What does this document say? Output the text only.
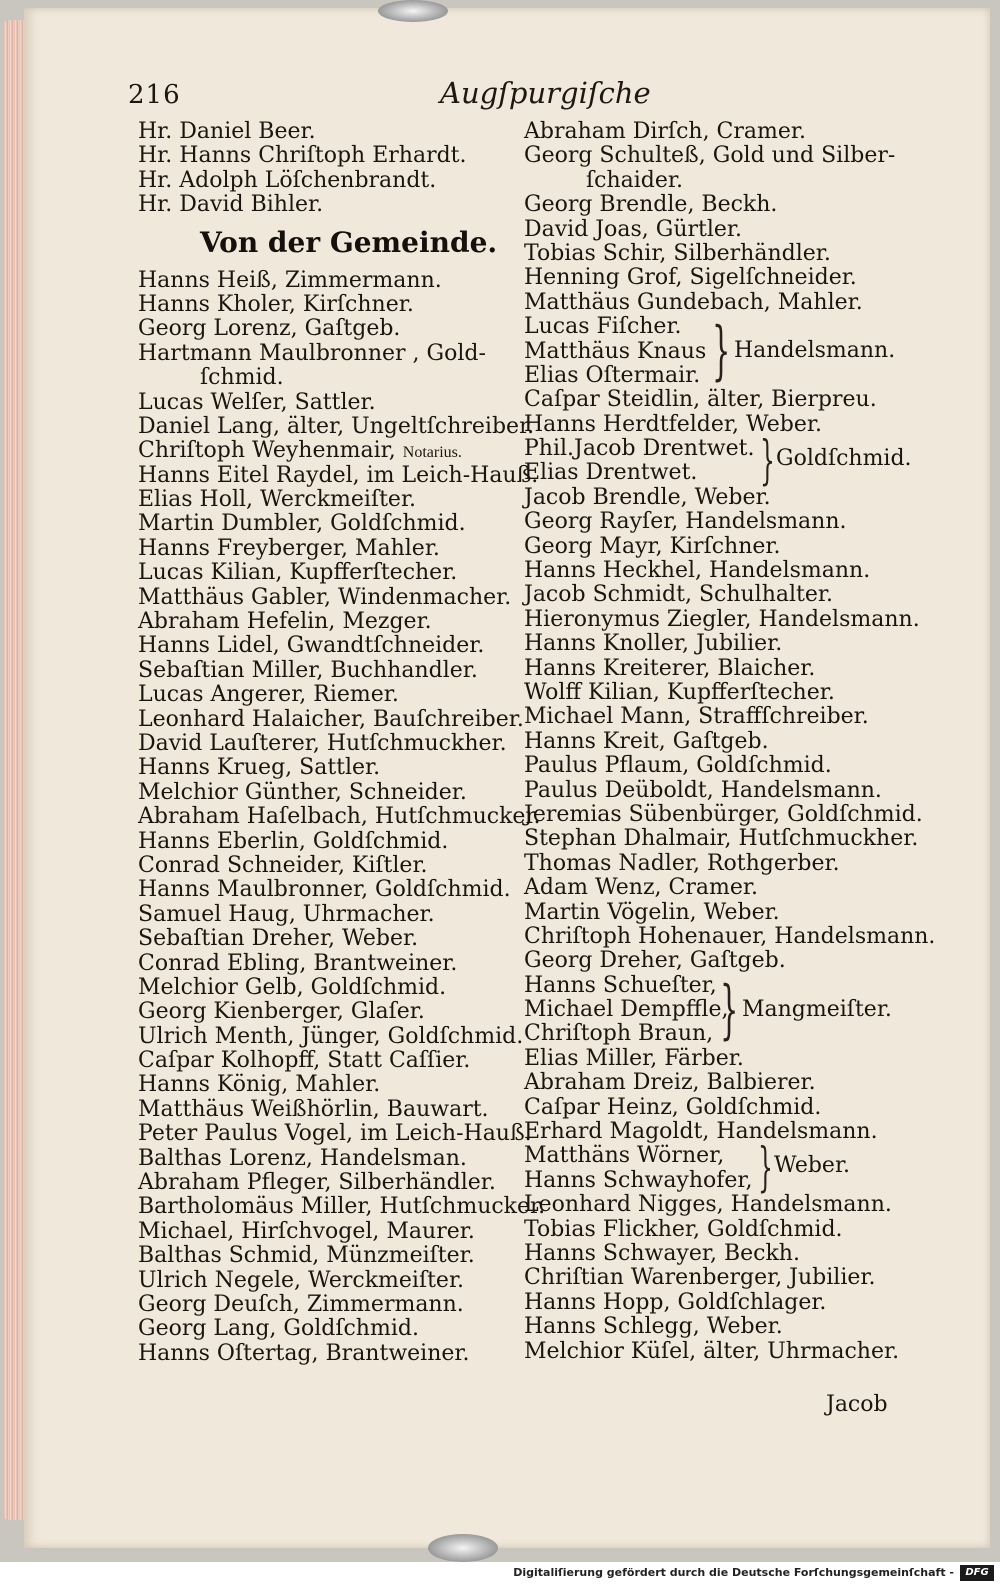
216	Augſpurgiſche
Hr. Daniel Beer.
Hr. Hanns Chriſtoph Erhardt.
Hr. Adolph Löſchenbrandt.
Hr. David Bihler.
Von der Gemeinde.
Hanns Heiß, Zimmermann.
Hanns Kholer, Kirſchner.
Georg Lorenz, Gaſtgeb.
Hartmann Maulbronner , Gold-
ſchmid.
Lucas Welſer, Sattler.
Daniel Lang, älter, Ungeltſchreiber.
Chriſtoph Weyhenmair, Notarius.
Hanns Eitel Raydel, im Leich-Hauß.
Elias Holl, Werckmeiſter.
Martin Dumbler, Goldſchmid.
Hanns Freyberger, Mahler.
Lucas Kilian, Kupfferſtecher.
Matthäus Gabler, Windenmacher.
Abraham Hefelin, Mezger.
Hanns Lidel, Gwandtſchneider.
Sebaſtian Miller, Buchhandler.
Lucas Angerer, Riemer.
Leonhard Halaicher, Bauſchreiber.
David Lauſterer, Hutſchmuckher.
Hanns Krueg, Sattler.
Melchior Günther, Schneider.
Abraham Haſelbach, Hutſchmucker.
Hanns Eberlin, Goldſchmid.
Conrad Schneider, Kiſtler.
Hanns Maulbronner, Goldſchmid.
Samuel Haug, Uhrmacher.
Sebaſtian Dreher, Weber.
Conrad Ebling, Brantweiner.
Melchior Gelb, Goldſchmid.
Georg Kienberger, Glaſer.
Ulrich Menth, Jünger, Goldſchmid.
Caſpar Kolhopff, Statt Caſſier.
Hanns König, Mahler.
Matthäus Weißhörlin, Bauwart.
Peter Paulus Vogel, im Leich-Hauß.
Balthas Lorenz, Handelsman.
Abraham Pfleger, Silberhändler.
Bartholomäus Miller, Hutſchmucker.
Michael, Hirſchvogel, Maurer.
Balthas Schmid, Münzmeiſter.
Ulrich Negele, Werckmeiſter.
Georg Deuſch, Zimmermann.
Georg Lang, Goldſchmid.
Hanns Oſtertag, Brantweiner.
Abraham Dirſch, Cramer.
Georg Schulteß, Gold und Silber-
ſchaider.
Georg Brendle, Beckh.
David Joas, Gürtler.
Tobias Schir, Silberhändler.
Henning Grof, Sigelſchneider.
Matthäus Gundebach, Mahler.
Lucas Fiſcher.
Matthäus Knaus
Elias Oſtermair. } Handelsmann.
Caſpar Steidlin, älter, Bierpreu.
Hanns Herdtfelder, Weber.
Phil.Jacob Drentwet.
Elias Drentwet.	} Goldſchmid.
Jacob Brendle, Weber.
Georg Rayſer, Handelsmann.
Georg Mayr, Kirſchner.
Hanns Heckhel, Handelsmann.
Jacob Schmidt, Schulhalter.
Hieronymus Ziegler, Handelsmann.
Hanns Knoller, Jubilier.
Hanns Kreiterer, Blaicher.
Wolff Kilian, Kupfferſtecher.
Michael Mann, Straffſchreiber.
Hanns Kreit, Gaſtgeb.
Paulus Pflaum, Goldſchmid.
Paulus Deüboldt, Handelsmann.
Jeremias Sübenbürger, Goldſchmid.
Stephan Dhalmair, Hutſchmuckher.
Thomas Nadler, Rothgerber.
Adam Wenz, Cramer.
Martin Vögelin, Weber.
Chriſtoph Hohenauer, Handelsmann.
Georg Dreher, Gaſtgeb.
Hanns Schueſter,
Michael Dempffle,
Chriſtoph Braun, } Mangmeiſter.
Elias Miller, Färber.
Abraham Dreiz, Balbierer.
Caſpar Heinz, Goldſchmid.
Erhard Magoldt, Handelsmann.
Matthäns Wörner,
Hanns Schwayhofer, } Weber.
Leonhard Nigges, Handelsmann.
Tobias Flickher, Goldſchmid.
Hanns Schwayer, Beckh.
Chriſtian Warenberger, Jubilier.
Hanns Hopp, Goldſchlager.
Hanns Schlegg, Weber.
Melchior Küſel, älter, Uhrmacher.
Jacob
Digitaliſierung gefördert durch die Deutsche Forſchungsgemeinſchaft -	DFG
